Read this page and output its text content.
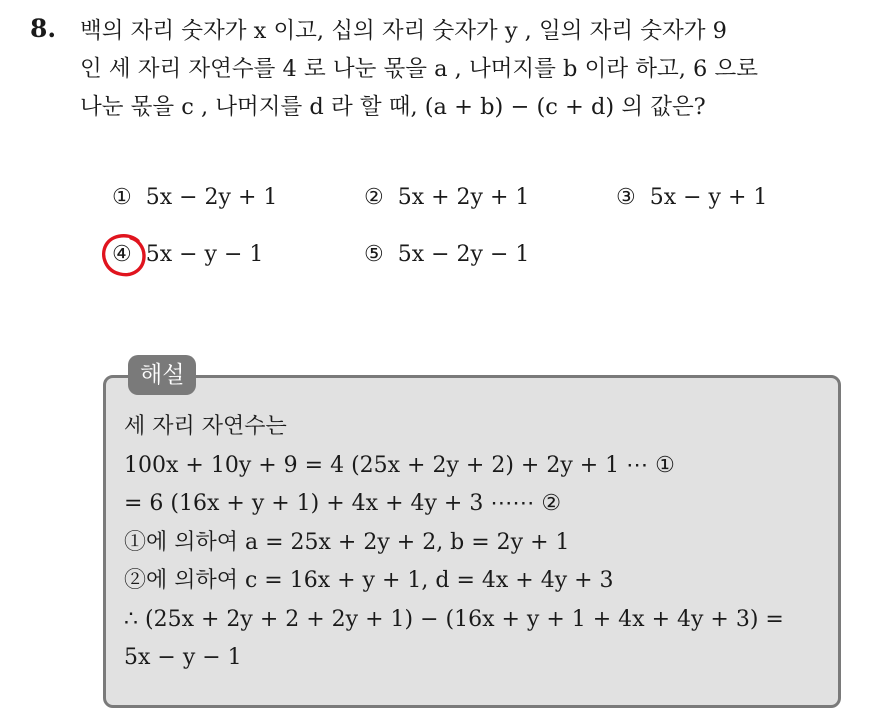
8. 백의 자리 숫자가 x 이고, 십의 자리 숫자가 y , 일의 자리 숫자가 9
인 세 자리 자연수를 4 로 나눈 몫을 a , 나머지를 b 이라 하고, 6 으로
나눈 몫을 c , 나머지를 d 라 할 때, (a + b) − (c + d) 의 값은?
① 5x − 2y + 1	② 5x + 2y + 1	③ 5x − y + 1
④ 5x − y − 1	⑤ 5x − 2y − 1
해설
세 자리 자연수는
100x + 10y + 9 = 4 (25x + 2y + 2) + 2y + 1 ⋯ ①
= 6 (16x + y + 1) + 4x + 4y + 3 ⋯⋯ ②
①에 의하여 a = 25x + 2y + 2, b = 2y + 1
②에 의하여 c = 16x + y + 1, d = 4x + 4y + 3
∴ (25x + 2y + 2 + 2y + 1) − (16x + y + 1 + 4x + 4y + 3) =
5x − y − 1
